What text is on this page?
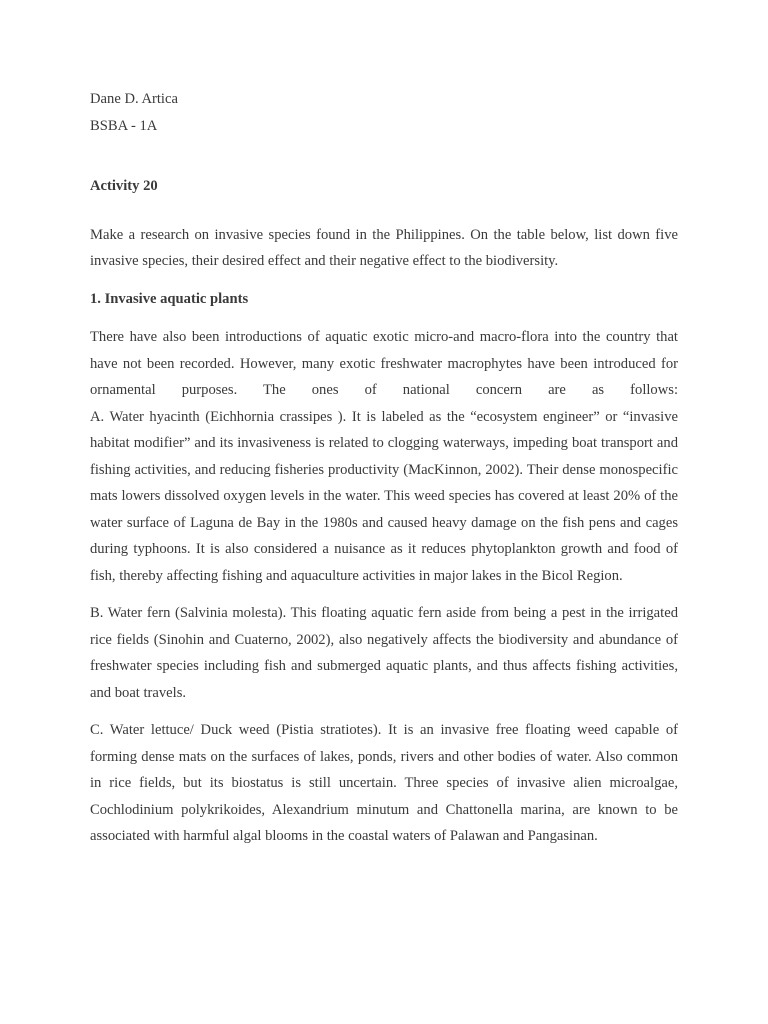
Dane D. Artica

BSBA - 1A

Activity 20

Make a research on invasive species found in the Philippines. On the table below, list down five invasive species, their desired effect and their negative effect to the biodiversity.

1. Invasive aquatic plants

There have also been introductions of aquatic exotic micro-and macro-flora into the country that have not been recorded. However, many exotic freshwater macrophytes have been introduced for ornamental purposes. The ones of national concern are as follows:
A. Water hyacinth (Eichhornia crassipes ). It is labeled as the “ecosystem engineer” or “invasive habitat modifier” and its invasiveness is related to clogging waterways, impeding boat transport and fishing activities, and reducing fisheries productivity (MacKinnon, 2002). Their dense monospecific mats lowers dissolved oxygen levels in the water. This weed species has covered at least 20% of the water surface of Laguna de Bay in the 1980s and caused heavy damage on the fish pens and cages during typhoons. It is also considered a nuisance as it reduces phytoplankton growth and food of fish, thereby affecting fishing and aquaculture activities in major lakes in the Bicol Region.

B. Water fern (Salvinia molesta). This floating aquatic fern aside from being a pest in the irrigated rice fields (Sinohin and Cuaterno, 2002), also negatively affects the biodiversity and abundance of freshwater species including fish and submerged aquatic plants, and thus affects fishing activities, and boat travels.

C. Water lettuce/ Duck weed (Pistia stratiotes). It is an invasive free floating weed capable of forming dense mats on the surfaces of lakes, ponds, rivers and other bodies of water. Also common in rice fields, but its biostatus is still uncertain. Three species of invasive alien microalgae, Cochlodinium polykrikoides, Alexandrium minutum and Chattonella marina, are known to be associated with harmful algal blooms in the coastal waters of Palawan and Pangasinan.
